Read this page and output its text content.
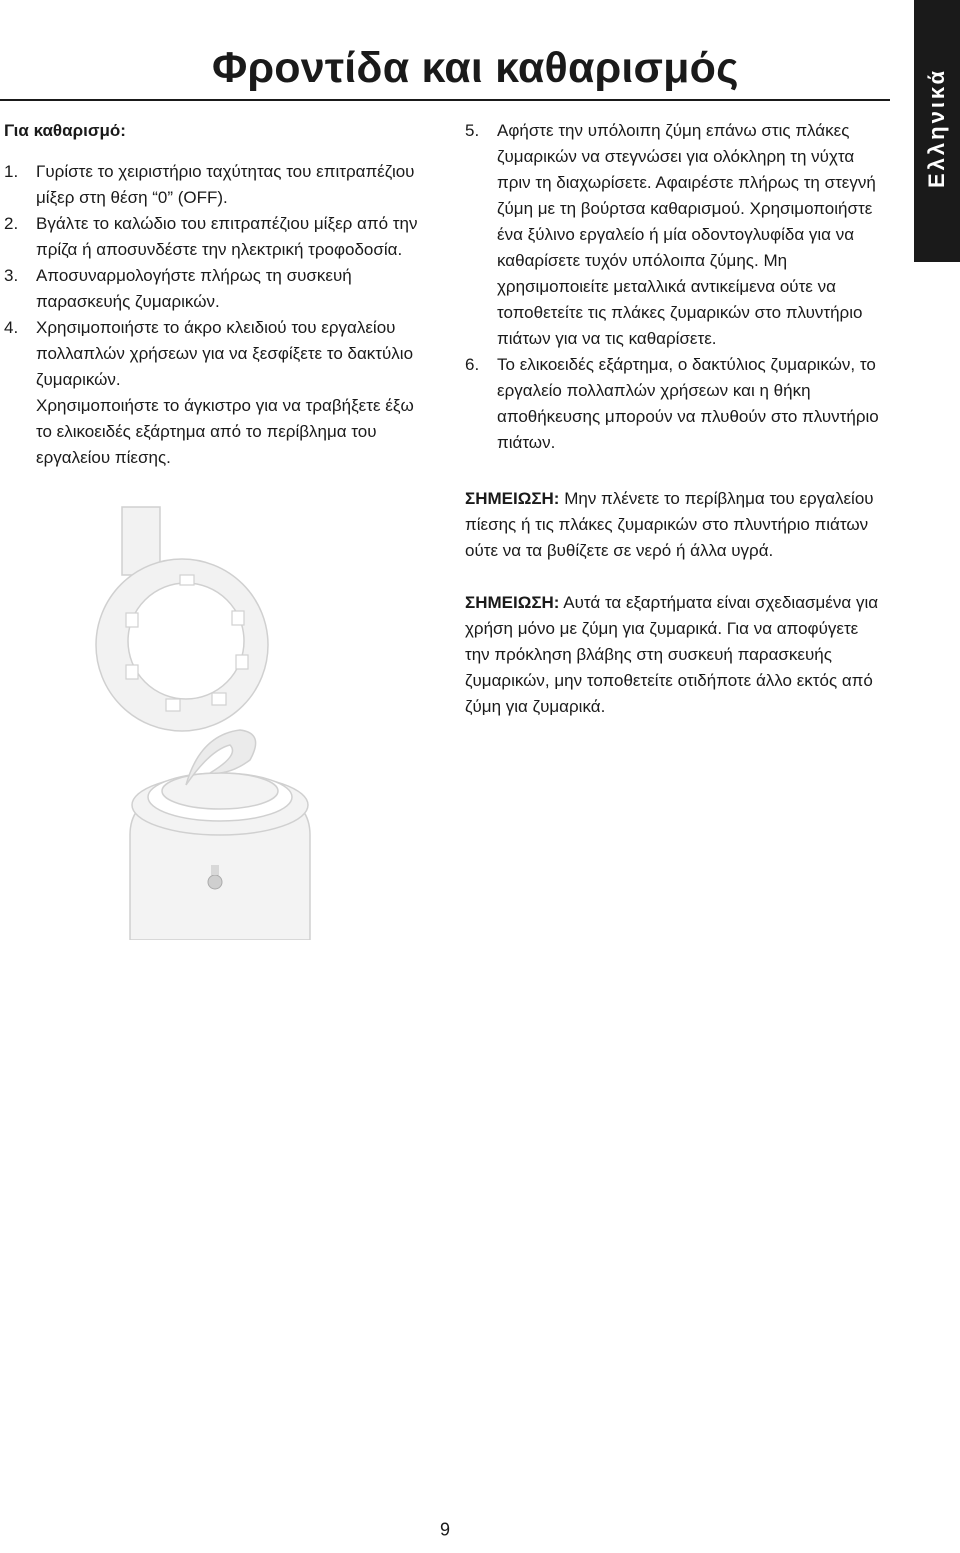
Φροντίδα και καθαρισμός	Ελληνικά
Για καθαρισμό:
1. Γυρίστε το χειριστήριο ταχύτητας του επιτραπέζιου μίξερ στη θέση “0” (OFF).

2. Βγάλτε το καλώδιο του επιτραπέζιου μίξερ από την πρίζα ή αποσυνδέστε την ηλεκτρική τροφοδοσία.

3. Αποσυναρμολογήστε πλήρως τη συσκευή παρασκευής ζυμαρικών.

4. Χρησιμοποιήστε το άκρο κλειδιού του εργαλείου πολλαπλών χρήσεων για να ξεσφίξετε το δακτύλιο ζυμαρικών.

Χρησιμοποιήστε το άγκιστρο για να τραβήξετε έξω το ελικοειδές εξάρτημα από το περίβλημα του εργαλείου πίεσης.

5. Αφήστε την υπόλοιπη ζύμη επάνω στις πλάκες ζυμαρικών να στεγνώσει για ολόκληρη τη νύχτα πριν τη διαχωρίσετε. Αφαιρέστε πλήρως τη στεγνή ζύμη με τη βούρτσα καθαρισμού. Χρησιμοποιήστε ένα ξύλινο εργαλείο ή μία οδοντογλυφίδα για να καθαρίσετε τυχόν υπόλοιπα ζύμης. Μη χρησιμοποιείτε μεταλλικά αντικείμενα ούτε να τοποθετείτε τις πλάκες ζυμαρικών στο πλυντήριο πιάτων για να τις καθαρίσετε.

6. Το ελικοειδές εξάρτημα, ο δακτύλιος ζυμαρικών, το εργαλείο πολλαπλών χρήσεων και η θήκη αποθήκευσης μπορούν να πλυθούν στο πλυντήριο πιάτων.

ΣΗΜΕΙΩΣΗ: Μην πλένετε το περίβλημα του εργαλείου πίεσης ή τις πλάκες ζυμαρικών στο πλυντήριο πιάτων ούτε να τα βυθίζετε σε νερό ή άλλα υγρά.

ΣΗΜΕΙΩΣΗ: Αυτά τα εξαρτήματα είναι σχεδιασμένα για χρήση μόνο με ζύμη για ζυμαρικά. Για να αποφύγετε την πρόκληση βλάβης στη συσκευή παρασκευής ζυμαρικών, μην τοποθετείτε οτιδήποτε άλλο εκτός από ζύμη για ζυμαρικά.

9
